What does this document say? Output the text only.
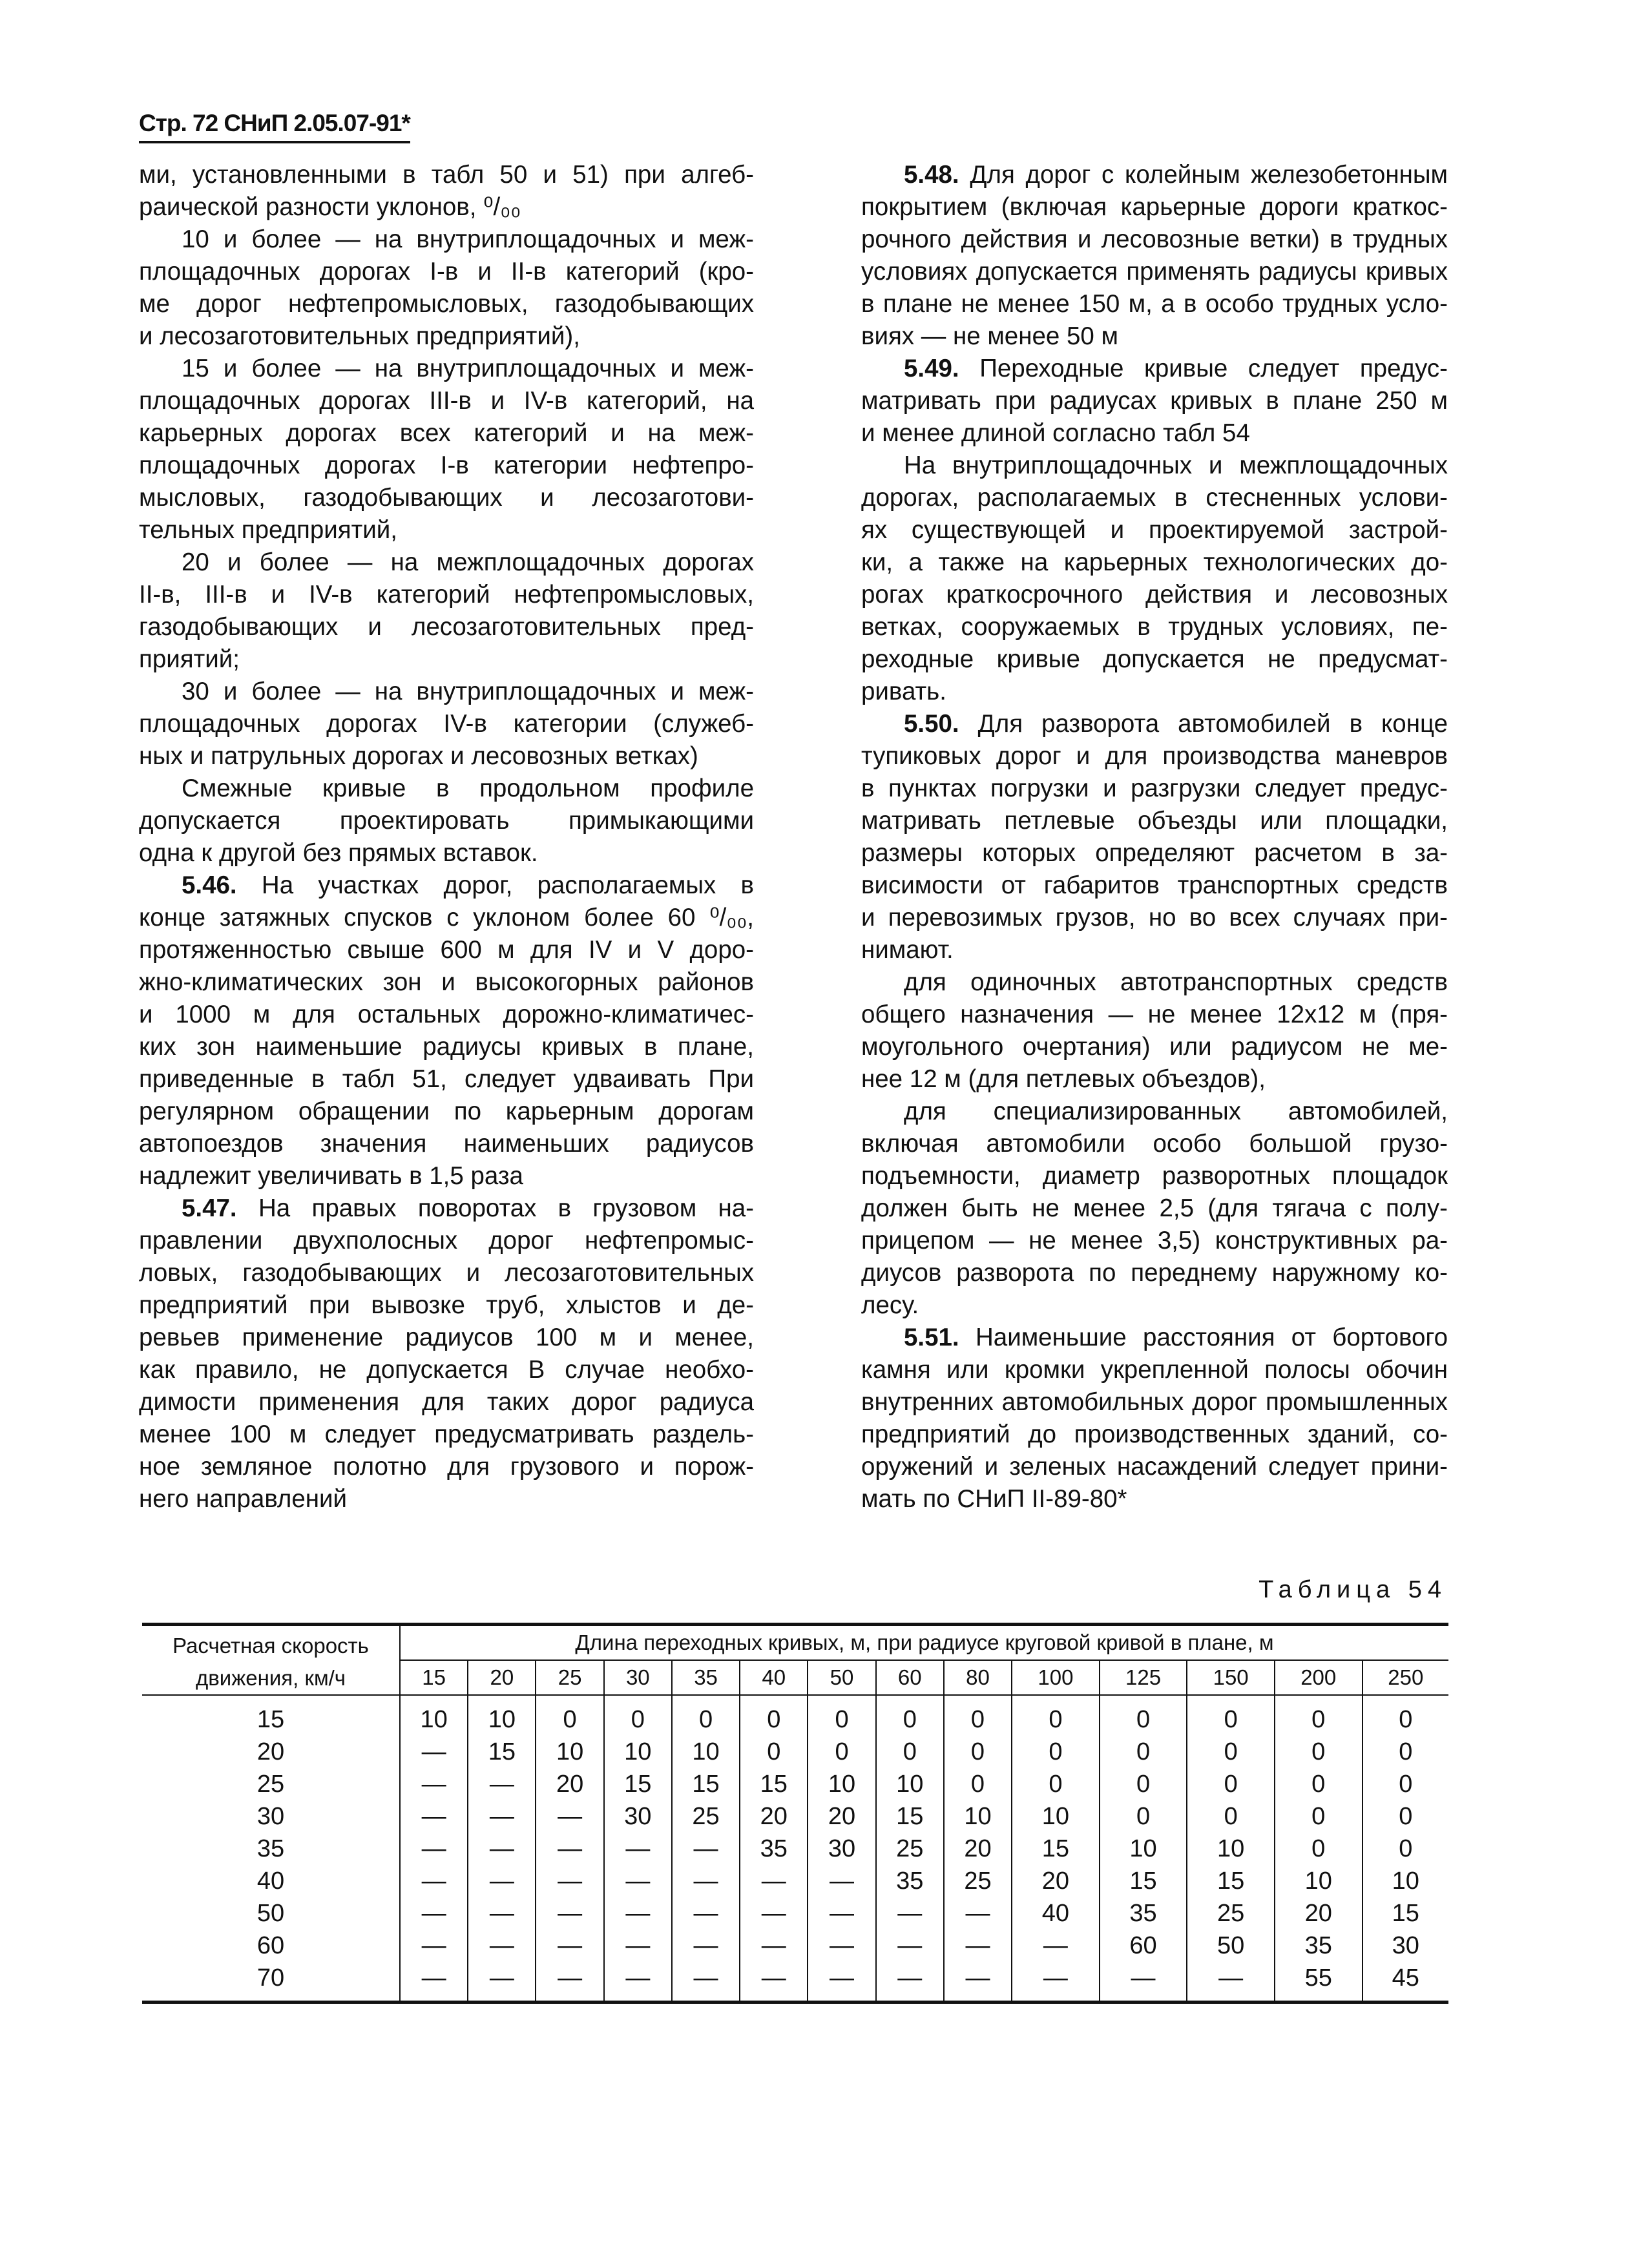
Стр. 72 СНиП 2.05.07-91*
ми, установленными в табл 50 и 51) при алгеб-
раической разности уклонов, ⁰/₀₀
10 и более — на внутриплощадочных и меж-
площадочных дорогах I-в и II-в категорий (кро-
ме дорог нефтепромысловых, газодобывающих
и лесозаготовительных предприятий),
15 и более — на внутриплощадочных и меж-
площадочных дорогах III-в и IV-в категорий, на
карьерных дорогах всех категорий и на меж-
площадочных дорогах I-в категории нефтепро-
мысловых, газодобывающих и лесозаготови-
тельных предприятий,
20 и более — на межплощадочных дорогах
II-в, III-в и IV-в категорий нефтепромысловых,
газодобывающих и лесозаготовительных пред-
приятий;
30 и более — на внутриплощадочных и меж-
площадочных дорогах IV-в категории (служеб-
ных и патрульных дорогах и лесовозных ветках)
Смежные кривые в продольном профиле
допускается проектировать примыкающими
одна к другой без прямых вставок.
5.46. На участках дорог, располагаемых в
конце затяжных спусков с уклоном более 60 ⁰/₀₀,
протяженностью свыше 600 м для IV и V доро-
жно-климатических зон и высокогорных районов
и 1000 м для остальных дорожно-климатичес-
ких зон наименьшие радиусы кривых в плане,
приведенные в табл 51, следует удваивать При
регулярном обращении по карьерным дорогам
автопоездов значения наименьших радиусов
надлежит увеличивать в 1,5 раза
5.47. На правых поворотах в грузовом на-
правлении двухполосных дорог нефтепромыс-
ловых, газодобывающих и лесозаготовительных
предприятий при вывозке труб, хлыстов и де-
ревьев применение радиусов 100 м и менее,
как правило, не допускается В случае необхо-
димости применения для таких дорог радиуса
менее 100 м следует предусматривать раздель-
ное земляное полотно для грузового и порож-
него направлений
5.48. Для дорог с колейным железобетонным
покрытием (включая карьерные дороги краткос-
рочного действия и лесовозные ветки) в трудных
условиях допускается применять радиусы кривых
в плане не менее 150 м, а в особо трудных усло-
виях — не менее 50 м
5.49. Переходные кривые следует предус-
матривать при радиусах кривых в плане 250 м
и менее длиной согласно табл 54
На внутриплощадочных и межплощадочных
дорогах, располагаемых в стесненных услови-
ях существующей и проектируемой застрой-
ки, а также на карьерных технологических до-
рогах краткосрочного действия и лесовозных
ветках, сооружаемых в трудных условиях, пе-
реходные кривые допускается не предусмат-
ривать.
5.50. Для разворота автомобилей в конце
тупиковых дорог и для производства маневров
в пунктах погрузки и разгрузки следует предус-
матривать петлевые объезды или площадки,
размеры которых определяют расчетом в за-
висимости от габаритов транспортных средств
и перевозимых грузов, но во всех случаях при-
нимают.
для одиночных автотранспортных средств
общего назначения — не менее 12x12 м (пря-
моугольного очертания) или радиусом не ме-
нее 12 м (для петлевых объездов),
для специализированных автомобилей,
включая автомобили особо большой грузо-
подъемности, диаметр разворотных площадок
должен быть не менее 2,5 (для тягача с полу-
прицепом — не менее 3,5) конструктивных ра-
диусов разворота по переднему наружному ко-
лесу.
5.51. Наименьшие расстояния от бортового
камня или кромки укрепленной полосы обочин
внутренних автомобильных дорог промышленных
предприятий до производственных зданий, со-
оружений и зеленых насаждений следует прини-
мать по СНиП II-89-80*
Таблица 54
Расчетная скорость движения, км/ч	Длина переходных кривых, м, при радиусе круговой кривой в плане, м													
	15	20	25	30	35	40	50	60	80	100	125	150	200	250
15	10	10	0	0	0	0	0	0	0	0	0	0	0	0
20	—	15	10	10	10	0	0	0	0	0	0	0	0	0
25	—	—	20	15	15	15	10	10	0	0	0	0	0	0
30	—	—	—	30	25	20	20	15	10	10	0	0	0	0
35	—	—	—	—	—	35	30	25	20	15	10	10	0	0
40	—	—	—	—	—	—	—	35	25	20	15	15	10	10
50	—	—	—	—	—	—	—	—	—	40	35	25	20	15
60	—	—	—	—	—	—	—	—	—	—	60	50	35	30
70	—	—	—	—	—	—	—	—	—	—	—	—	55	45
